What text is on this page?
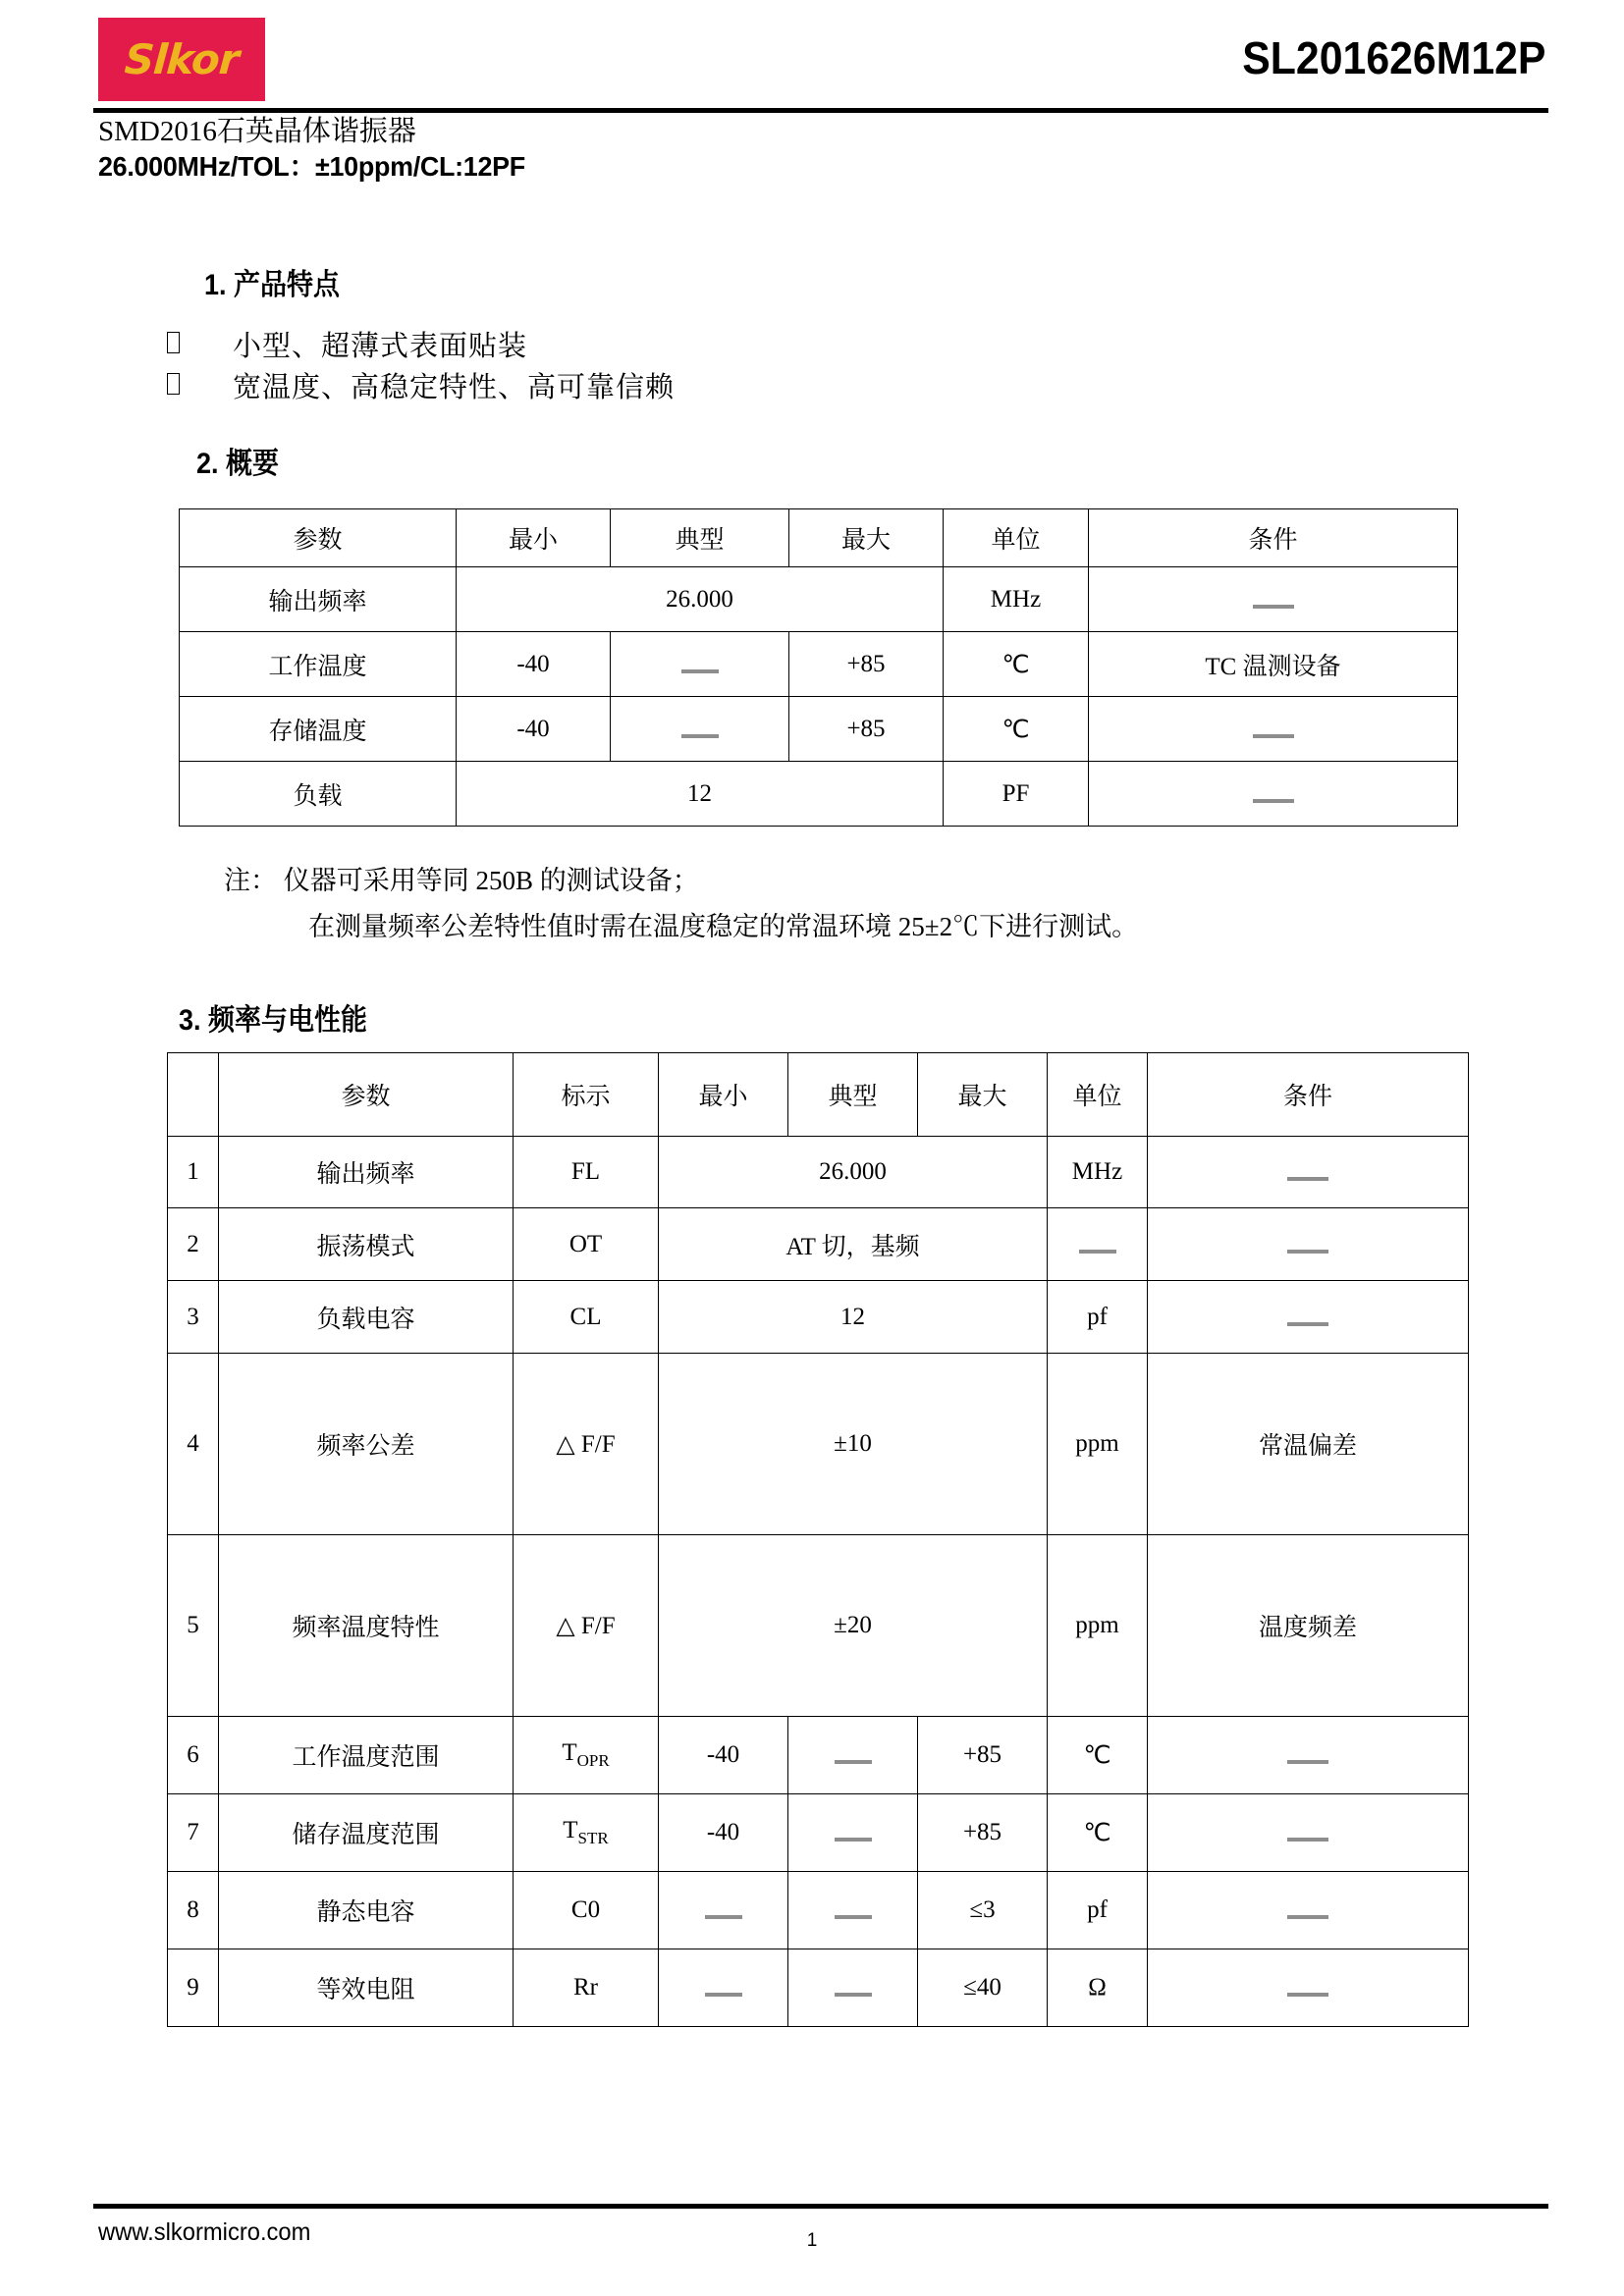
Slkor	SL201626M12P
SMD2016石英晶体谐振器
26.000MHz/TOL：±10ppm/CL:12PF
1. 产品特点
小型、超薄式表面贴装
宽温度、高稳定特性、高可靠信赖
2. 概要
参数	最小	典型	最大	单位	条件
输出频率	26.000			MHz	
工作温度	-40		+85	℃	TC 温测设备
存储温度	-40		+85	℃	
负载	12			PF	
注： 仪器可采用等同 250B 的测试设备；
在测量频率公差特性值时需在温度稳定的常温环境 25±2℃下进行测试。
3. 频率与电性能
	参数	标示	最小	典型	最大	单位	条件
1	输出频率	FL	26.000			MHz	
2	振荡模式	OT	AT 切，基频				
3	负载电容	CL	12			pf	
4	频率公差	△ F/F	±10			ppm	常温偏差
5	频率温度特性	△ F/F	±20			ppm	温度频差
6	工作温度范围	$T_{OPR}$	-40		+85	℃	
7	储存温度范围	$T_{STR}$	-40		+85	℃	
8	静态电容	C0			≤3	pf	
9	等效电阻	Rr			≤40	Ω	
www.slkormicro.com	1
